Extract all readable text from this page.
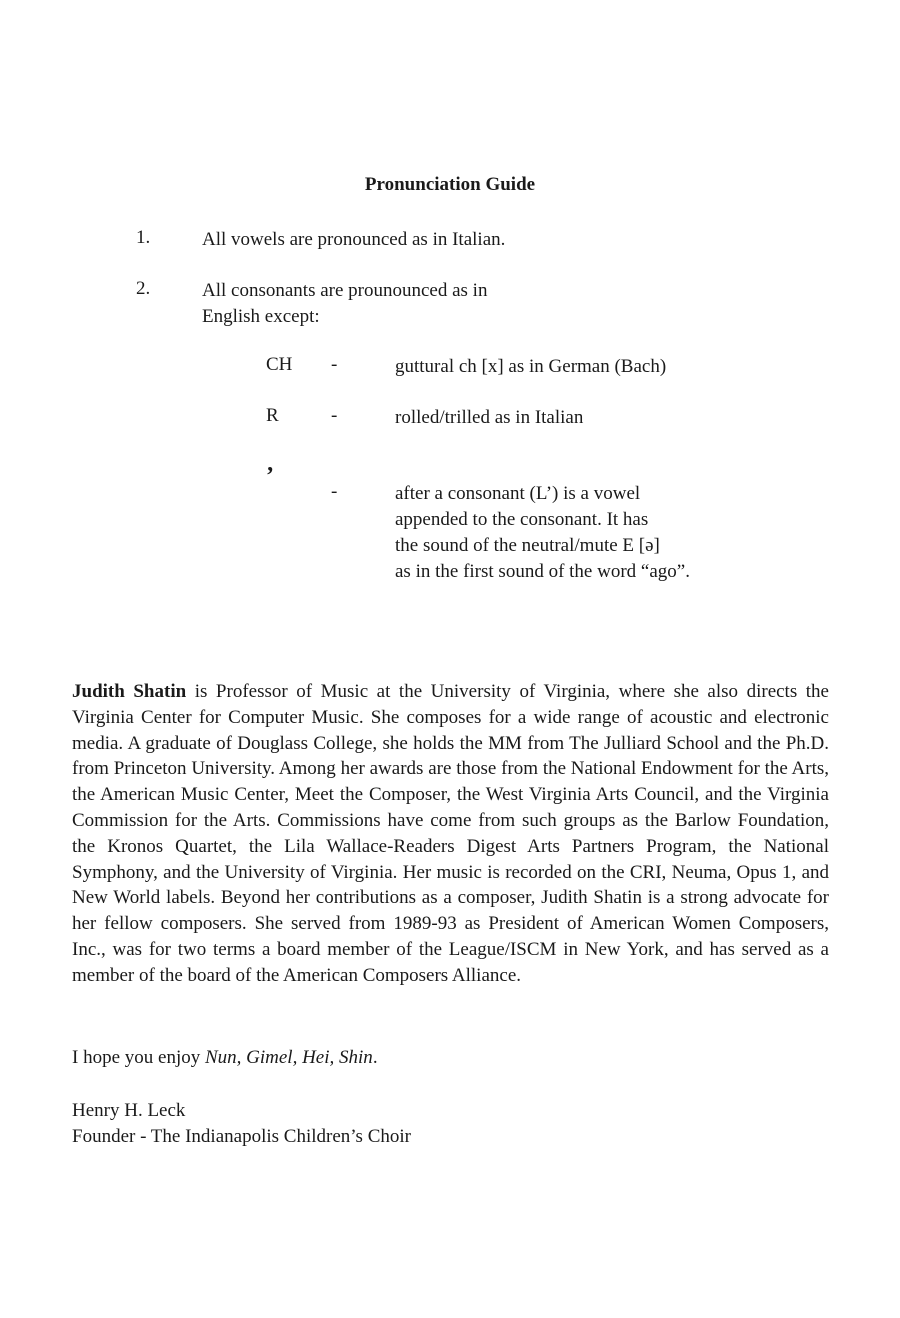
Pronunciation Guide
1.	All vowels are pronounced as in Italian.
2.	All consonants are prounounced as in
English except:
CH -	guttural ch [x] as in German (Bach)
R	-	rolled/trilled as in Italian
’
-	after a consonant (L’) is a vowel
appended to the consonant. It has
the sound of the neutral/mute E [ə]
as in the first sound of the word “ago”.

Judith Shatin is Professor of Music at the University of Virginia, where she also directs the Virginia Center for Computer Music. She composes for a wide range of acoustic and electronic media. A graduate of Douglass College, she holds the MM from The Julliard School and the Ph.D. from Princeton University. Among her awards are those from the National Endowment for the Arts, the American Music Center, Meet the Composer, the West Virginia Arts Council, and the Virginia Commission for the Arts. Commissions have come from such groups as the Barlow Foundation, the Kronos Quartet, the Lila Wallace-Readers Digest Arts Partners Program, the National Symphony, and the University of Virginia. Her music is recorded on the CRI, Neuma, Opus 1, and New World labels. Beyond her contributions as a composer, Judith Shatin is a strong advocate for her fellow composers. She served from 1989-93 as President of American Women Composers, Inc., was for two terms a board member of the League/ISCM in New York, and has served as a member of the board of the American Composers Alliance.

I hope you enjoy Nun, Gimel, Hei, Shin.
Henry H. Leck
Founder - The Indianapolis Children’s Choir
